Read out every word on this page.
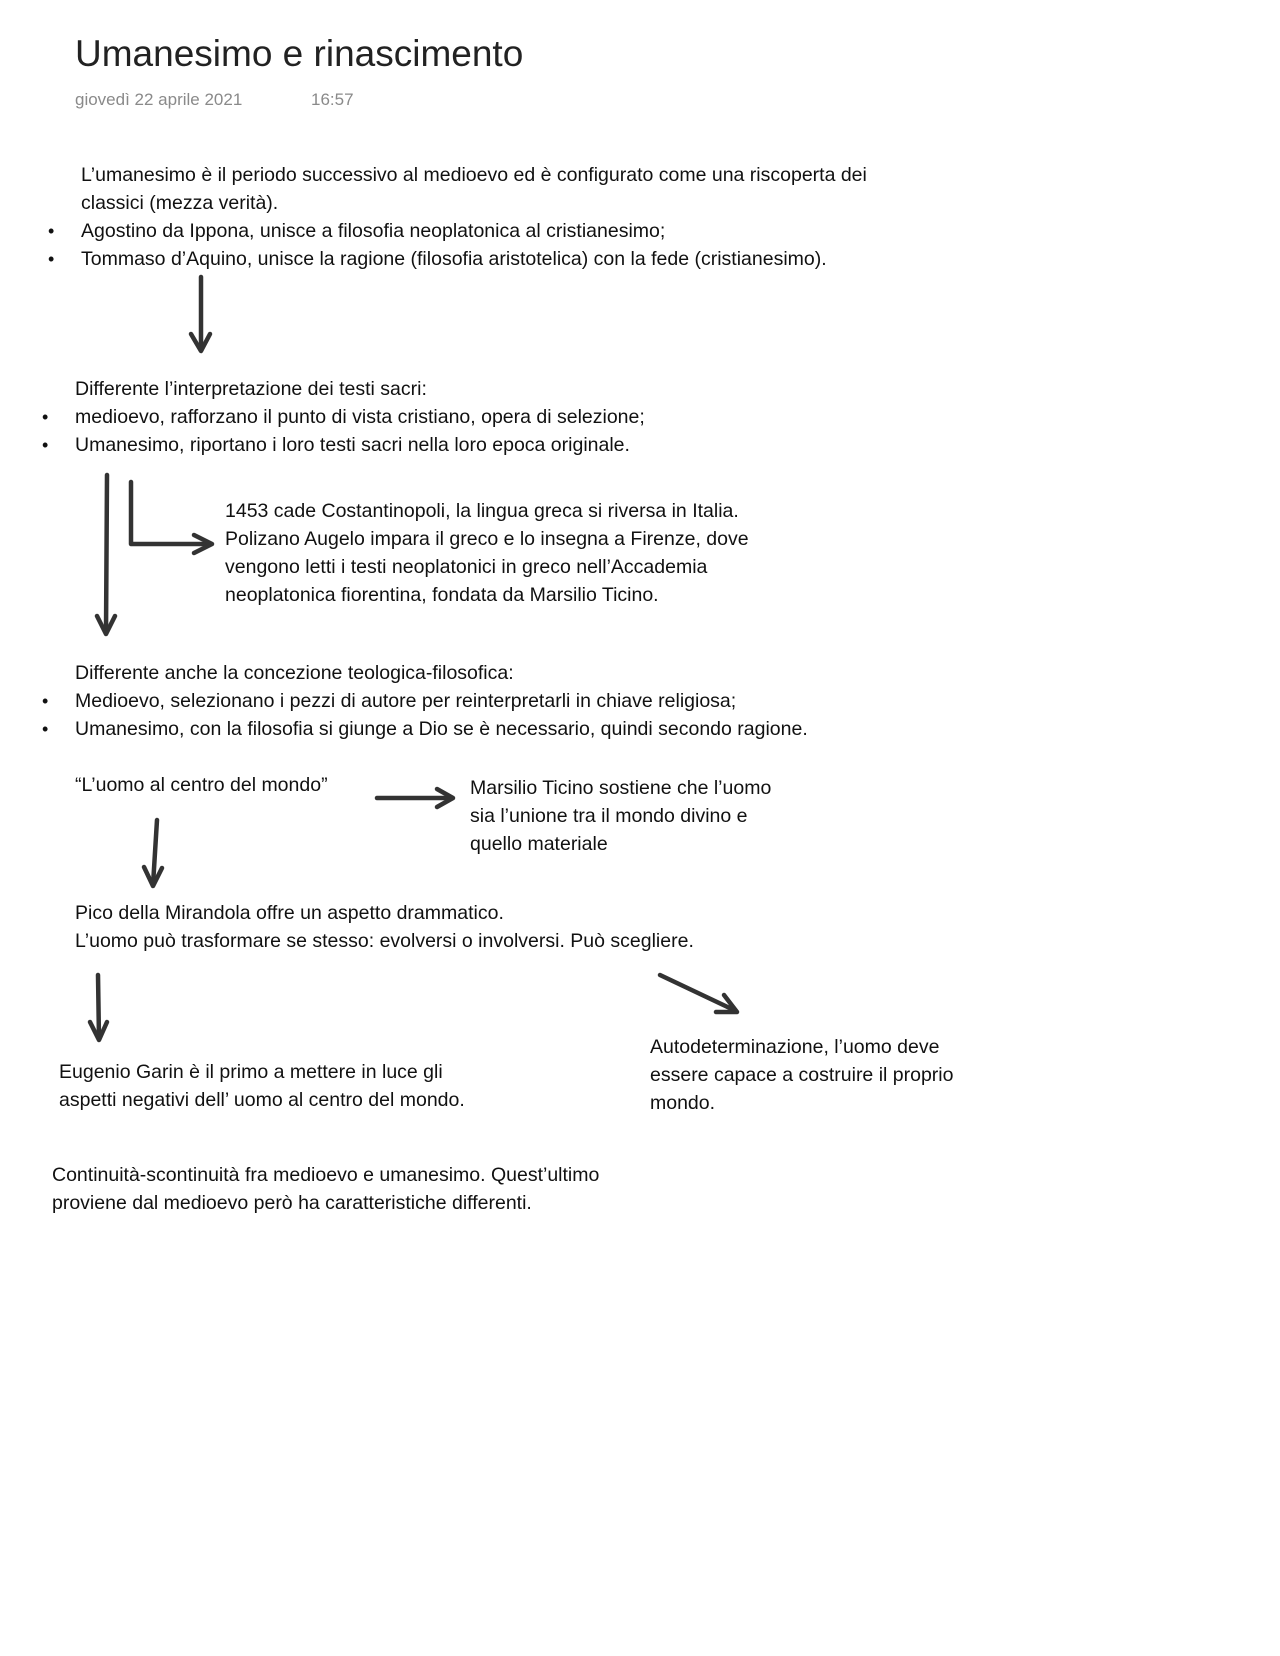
Umanesimo e rinascimento
giovedì 22 aprile 2021	16:57

L’umanesimo è il periodo successivo al medioevo ed è configurato come una riscoperta dei

classici (mezza verità).

• Agostino da Ippona, unisce a filosofia neoplatonica al cristianesimo;
• Tommaso d’Aquino, unisce la ragione (filosofia aristotelica) con la fede (cristianesimo).

Differente l’interpretazione dei testi sacri:

• medioevo, rafforzano il punto di vista cristiano, opera di selezione;
• Umanesimo, riportano i loro testi sacri nella loro epoca originale.

1453 cade Costantinopoli, la lingua greca si riversa in Italia.

Polizano Augelo impara il greco e lo insegna a Firenze, dove

vengono letti i testi neoplatonici in greco nell’Accademia

neoplatonica fiorentina, fondata da Marsilio Ticino.

Differente anche la concezione teologica-filosofica:

• Medioevo, selezionano i pezzi di autore per reinterpretarli in chiave religiosa;
• Umanesimo, con la filosofia si giunge a Dio se è necessario, quindi secondo ragione.
“L’uomo al centro del mondo”	Marsilio Ticino sostiene che l’uomo

sia l’unione tra il mondo divino e

quello materiale

Pico della Mirandola offre un aspetto drammatico.

L’uomo può trasformare se stesso: evolversi o involversi. Può scegliere.

Eugenio Garin è il primo a mettere in luce gli

aspetti negativi dell’ uomo al centro del mondo.

Autodeterminazione, l’uomo deve

essere capace a costruire il proprio

mondo.

Continuità-scontinuità fra medioevo e umanesimo. Quest’ultimo

proviene dal medioevo però ha caratteristiche differenti.
